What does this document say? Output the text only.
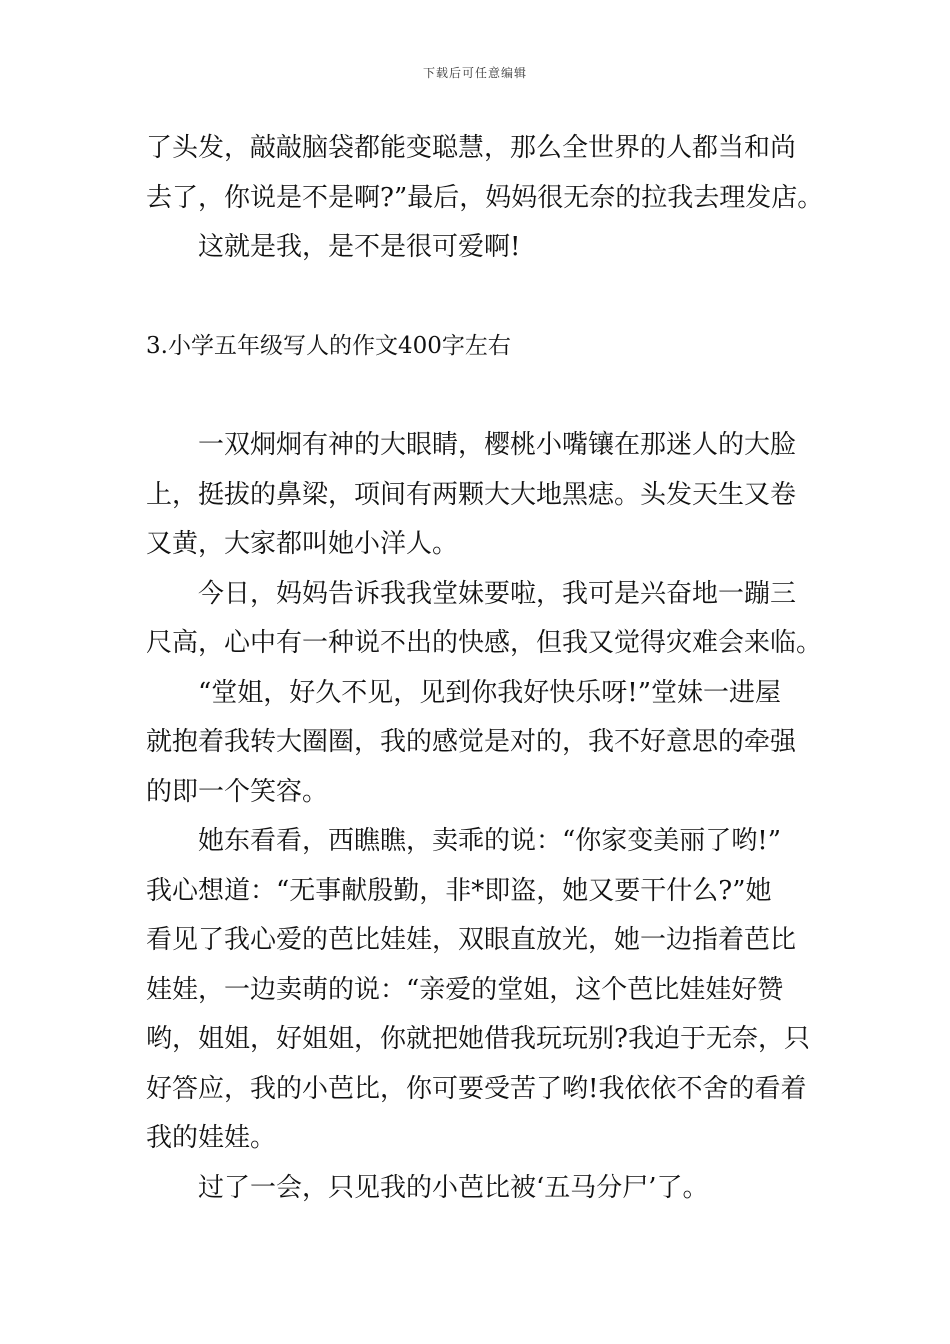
下载后可任意编辑
了头发，敲敲脑袋都能变聪慧，那么全世界的人都当和尚
去了，你说是不是啊?”最后，妈妈很无奈的拉我去理发店。
这就是我，是不是很可爱啊!
3.小学五年级写人的作文400字左右
一双炯炯有神的大眼睛，樱桃小嘴镶在那迷人的大脸
上，挺拔的鼻梁，项间有两颗大大地黑痣。头发天生又卷
又黄，大家都叫她小洋人。
今日，妈妈告诉我我堂妹要啦，我可是兴奋地一蹦三
尺高，心中有一种说不出的快感，但我又觉得灾难会来临。
“堂姐，好久不见，见到你我好快乐呀!”堂妹一进屋
就抱着我转大圈圈，我的感觉是对的，我不好意思的牵强
的即一个笑容。
她东看看，西瞧瞧，卖乖的说：“你家变美丽了哟!”
我心想道：“无事献殷勤，非*即盗，她又要干什么?”她
看见了我心爱的芭比娃娃，双眼直放光，她一边指着芭比
娃娃，一边卖萌的说：“亲爱的堂姐，这个芭比娃娃好赞
哟，姐姐，好姐姐，你就把她借我玩玩别?我迫于无奈，只
好答应，我的小芭比，你可要受苦了哟!我依依不舍的看着
我的娃娃。
过了一会，只见我的小芭比被‘五马分尸’了。
